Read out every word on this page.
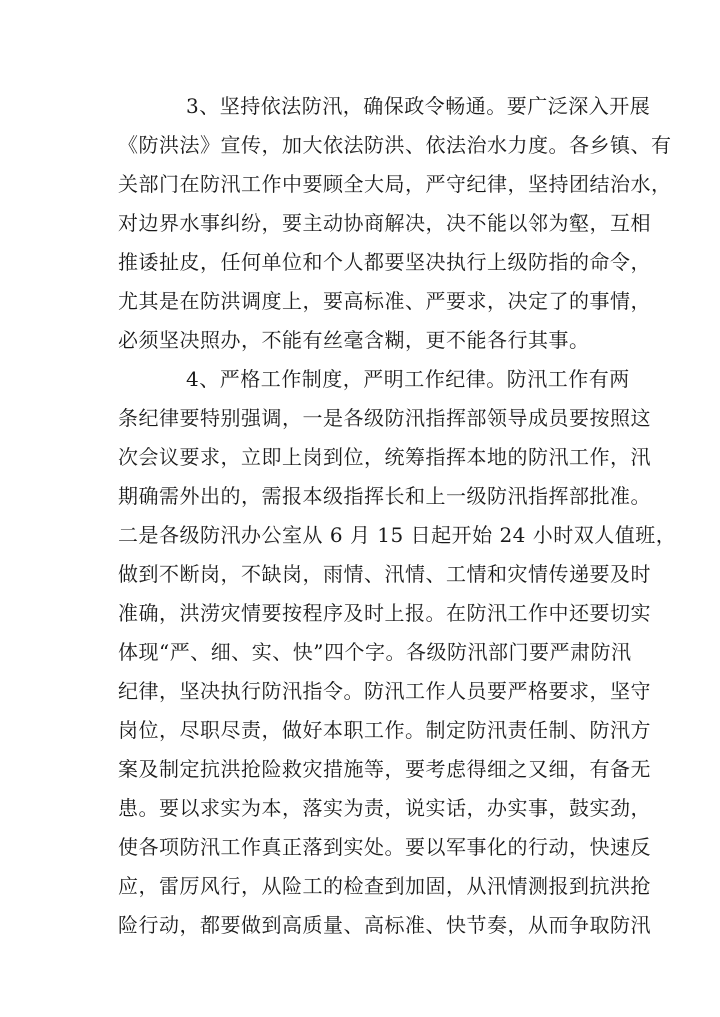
3、坚持依法防汛，确保政令畅通。要广泛深入开展
《防洪法》宣传，加大依法防洪、依法治水力度。各乡镇、有
关部门在防汛工作中要顾全大局，严守纪律，坚持团结治水，
对边界水事纠纷，要主动协商解决，决不能以邻为壑，互相
推诿扯皮，任何单位和个人都要坚决执行上级防指的命令，
尤其是在防洪调度上，要高标准、严要求，决定了的事情，
必须坚决照办，不能有丝毫含糊，更不能各行其事。
4、严格工作制度，严明工作纪律。防汛工作有两
条纪律要特别强调，一是各级防汛指挥部领导成员要按照这
次会议要求，立即上岗到位，统筹指挥本地的防汛工作，汛
期确需外出的，需报本级指挥长和上一级防汛指挥部批准。
二是各级防汛办公室从 6 月 15 日起开始 24 小时双人值班，
做到不断岗，不缺岗，雨情、汛情、工情和灾情传递要及时
准确，洪涝灾情要按程序及时上报。在防汛工作中还要切实
体现“严、细、实、快”四个字。各级防汛部门要严肃防汛
纪律，坚决执行防汛指令。防汛工作人员要严格要求，坚守
岗位，尽职尽责，做好本职工作。制定防汛责任制、防汛方
案及制定抗洪抢险救灾措施等，要考虑得细之又细，有备无
患。要以求实为本，落实为责，说实话，办实事，鼓实劲，
使各项防汛工作真正落到实处。要以军事化的行动，快速反
应，雷厉风行，从险工的检查到加固，从汛情测报到抗洪抢
险行动，都要做到高质量、高标准、快节奏，从而争取防汛
